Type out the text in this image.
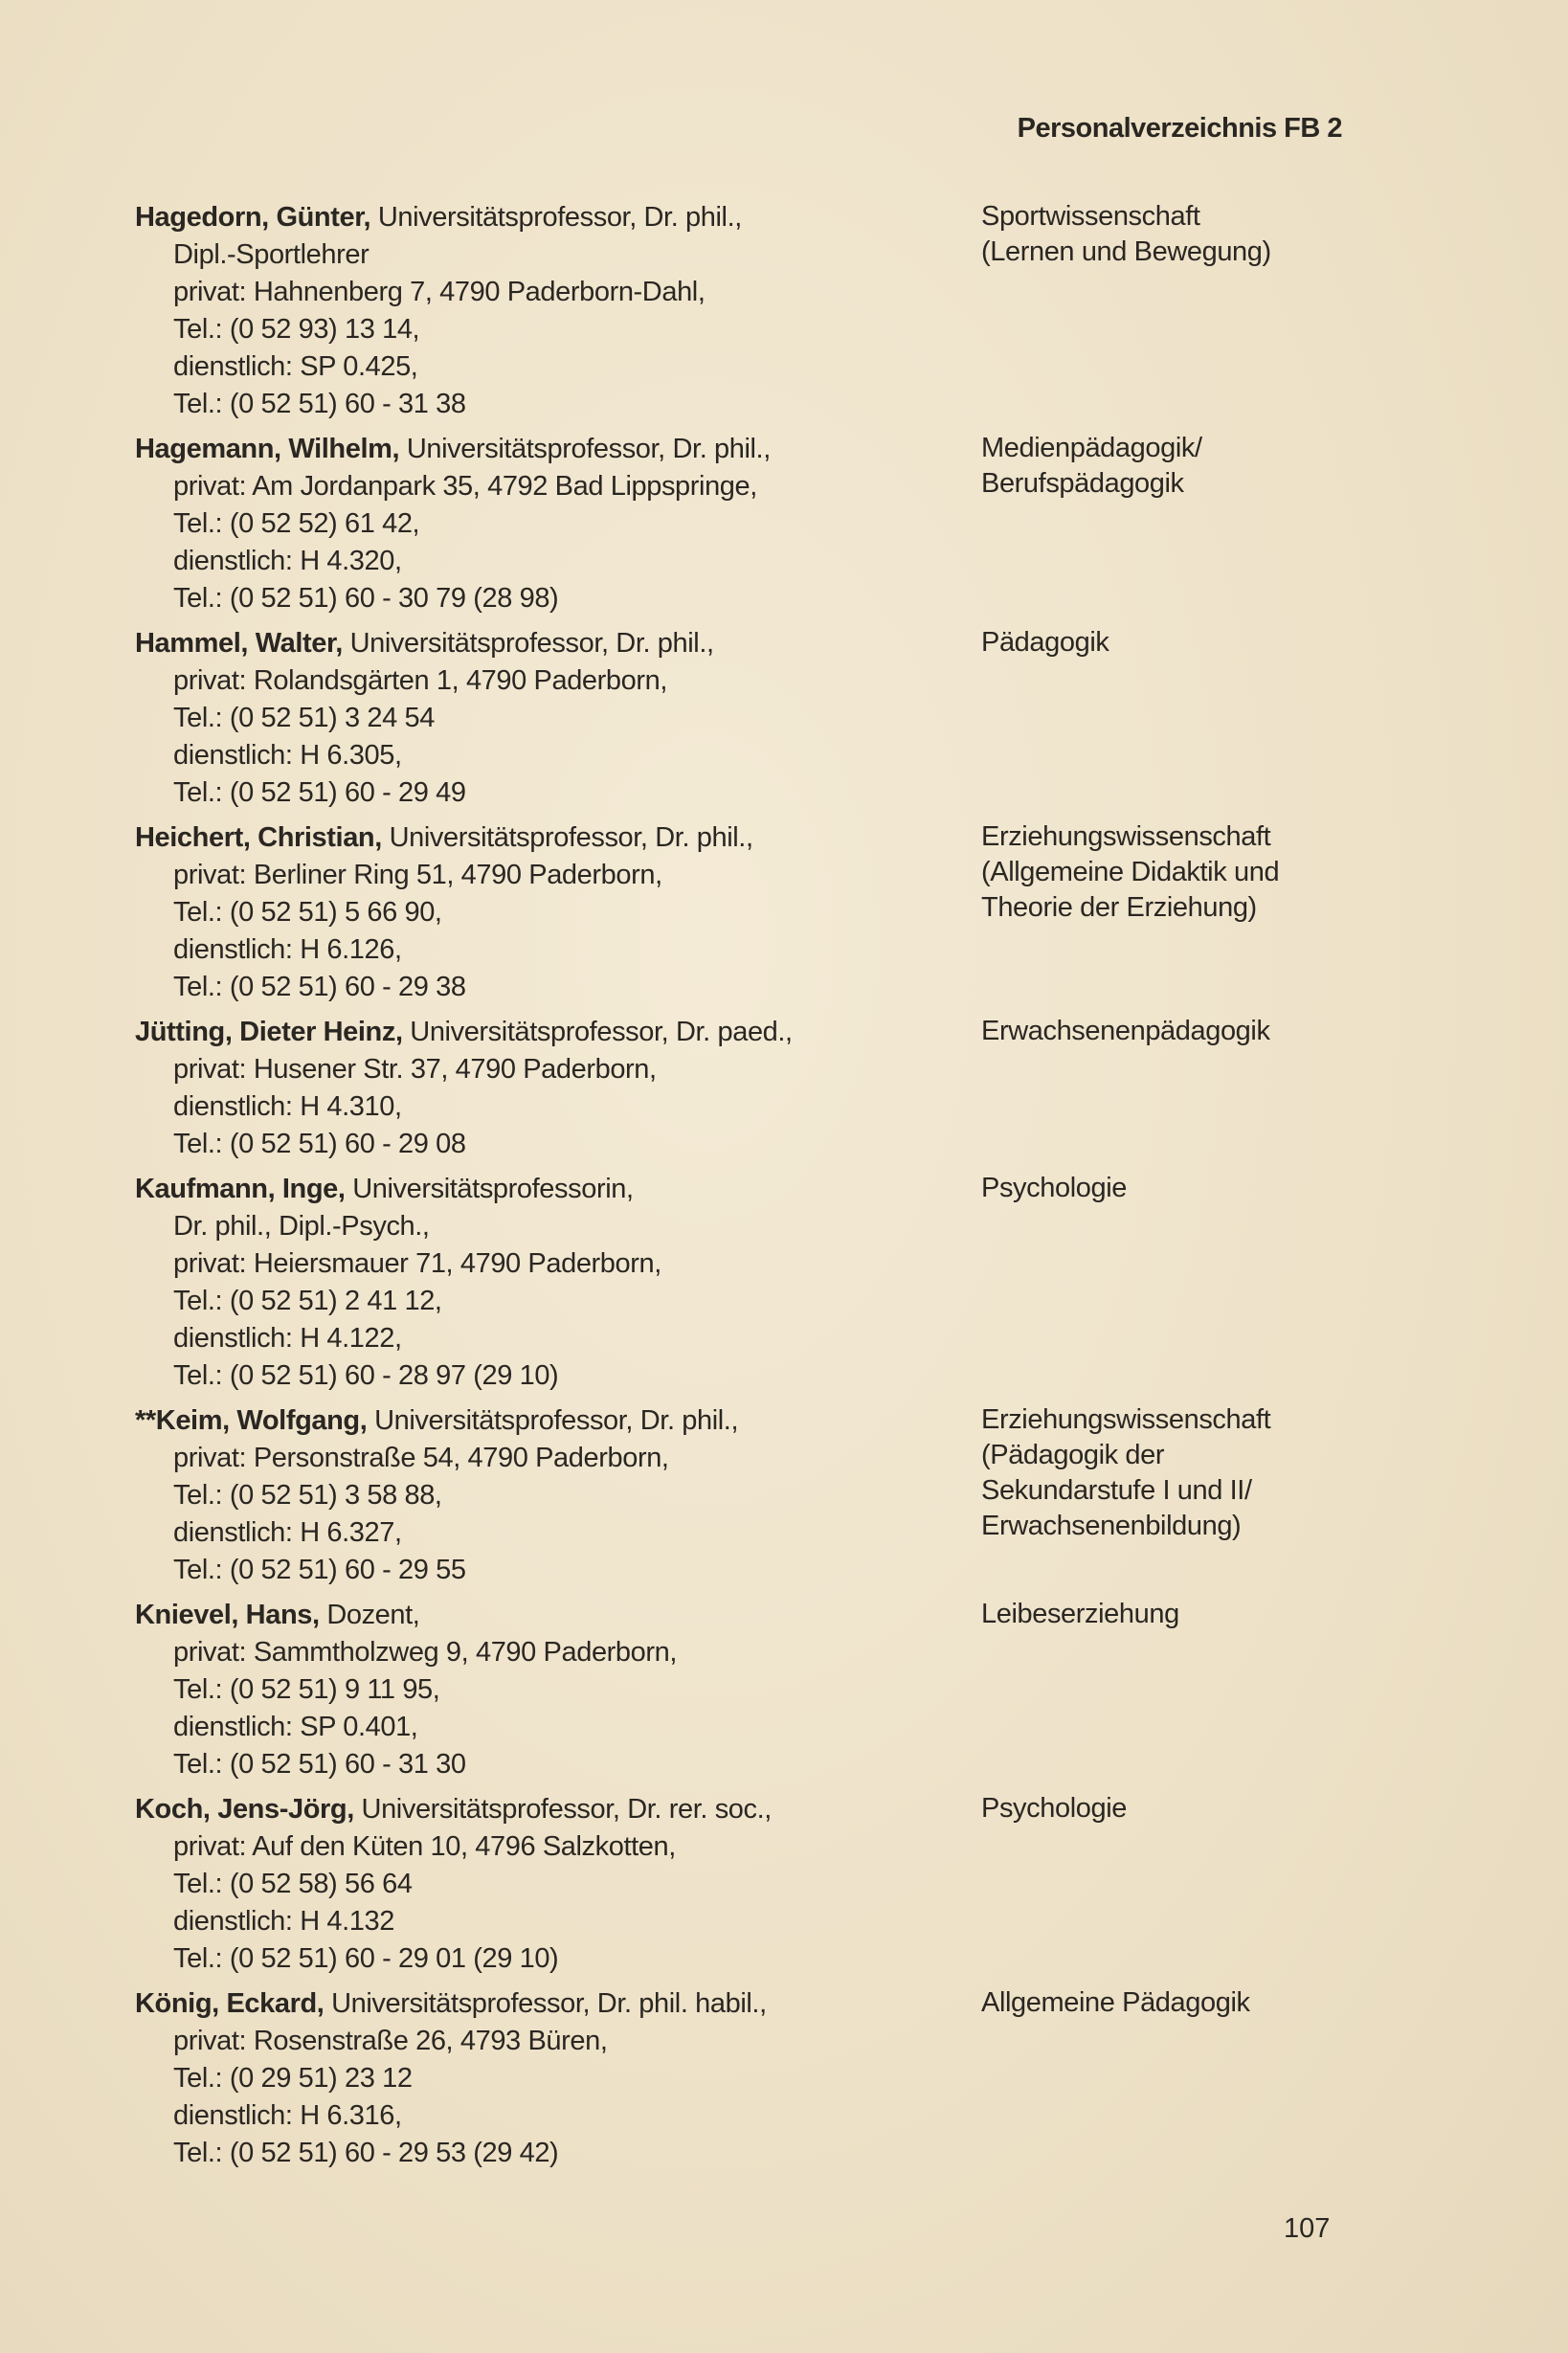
Personalverzeichnis FB 2
Hagedorn, Günter, Universitätsprofessor, Dr. phil.,
Dipl.-Sportlehrer
privat: Hahnenberg 7, 4790 Paderborn-Dahl,
Tel.: (0 52 93) 13 14,
dienstlich: SP 0.425,
Tel.: (0 52 51) 60 - 31 38
Sportwissenschaft
(Lernen und Bewegung)
Hagemann, Wilhelm, Universitätsprofessor, Dr. phil.,
privat: Am Jordanpark 35, 4792 Bad Lippspringe,
Tel.: (0 52 52) 61 42,
dienstlich: H 4.320,
Tel.: (0 52 51) 60 - 30 79 (28 98)
Medienpädagogik/
Berufspädagogik
Hammel, Walter, Universitätsprofessor, Dr. phil.,
privat: Rolandsgärten 1, 4790 Paderborn,
Tel.: (0 52 51) 3 24 54
dienstlich: H 6.305,
Tel.: (0 52 51) 60 - 29 49
Pädagogik
Heichert, Christian, Universitätsprofessor, Dr. phil.,
privat: Berliner Ring 51, 4790 Paderborn,
Tel.: (0 52 51) 5 66 90,
dienstlich: H 6.126,
Tel.: (0 52 51) 60 - 29 38
Erziehungswissenschaft
(Allgemeine Didaktik und
Theorie der Erziehung)
Jütting, Dieter Heinz, Universitätsprofessor, Dr. paed.,
privat: Husener Str. 37, 4790 Paderborn,
dienstlich: H 4.310,
Tel.: (0 52 51) 60 - 29 08
Erwachsenenpädagogik
Kaufmann, Inge, Universitätsprofessorin,
Dr. phil., Dipl.-Psych.,
privat: Heiersmauer 71, 4790 Paderborn,
Tel.: (0 52 51) 2 41 12,
dienstlich: H 4.122,
Tel.: (0 52 51) 60 - 28 97 (29 10)
Psychologie
**Keim, Wolfgang, Universitätsprofessor, Dr. phil.,
privat: Personstraße 54, 4790 Paderborn,
Tel.: (0 52 51) 3 58 88,
dienstlich: H 6.327,
Tel.: (0 52 51) 60 - 29 55
Erziehungswissenschaft
(Pädagogik der
Sekundarstufe I und II/
Erwachsenenbildung)
Knievel, Hans, Dozent,
privat: Sammtholzweg 9, 4790 Paderborn,
Tel.: (0 52 51) 9 11 95,
dienstlich: SP 0.401,
Tel.: (0 52 51) 60 - 31 30
Leibeserziehung
Koch, Jens-Jörg, Universitätsprofessor, Dr. rer. soc.,
privat: Auf den Küten 10, 4796 Salzkotten,
Tel.: (0 52 58) 56 64
dienstlich: H 4.132
Tel.: (0 52 51) 60 - 29 01 (29 10)
Psychologie
König, Eckard, Universitätsprofessor, Dr. phil. habil.,
privat: Rosenstraße 26, 4793 Büren,
Tel.: (0 29 51) 23 12
dienstlich: H 6.316,
Tel.: (0 52 51) 60 - 29 53 (29 42)
Allgemeine Pädagogik
107
